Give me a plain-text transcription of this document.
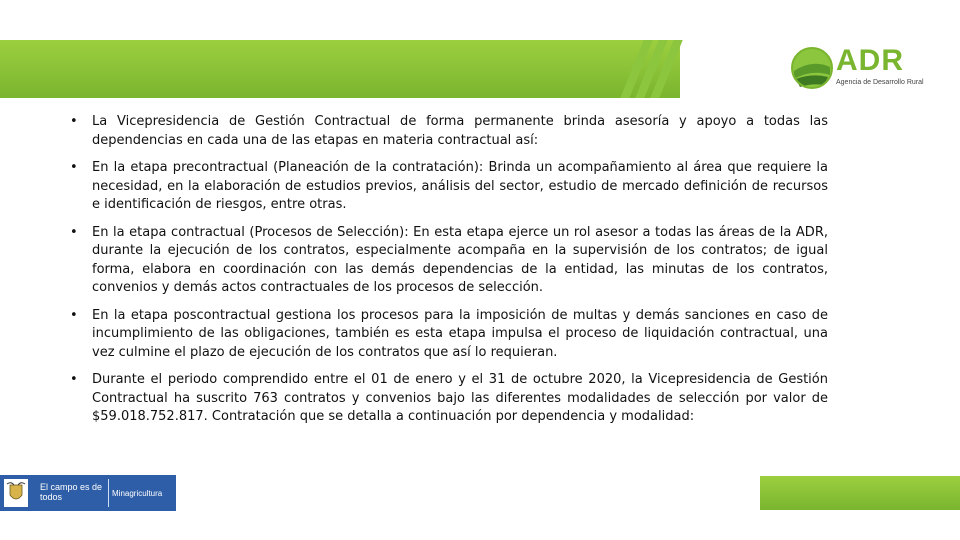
ADR
Agencia de Desarrollo Rural
• La Vicepresidencia de Gestión Contractual de forma permanente brinda asesoría y apoyo a todas las dependencias en cada una de las etapas en materia contractual así:
• En la etapa precontractual (Planeación de la contratación): Brinda un acompañamiento al área que requiere la necesidad, en la elaboración de estudios previos, análisis del sector, estudio de mercado definición de recursos e identificación de riesgos, entre otras.
• En la etapa contractual (Procesos de Selección): En esta etapa ejerce un rol asesor a todas las áreas de la ADR, durante la ejecución de los contratos, especialmente acompaña en la supervisión de los contratos; de igual forma, elabora en coordinación con las demás dependencias de la entidad, las minutas de los contratos, convenios y demás actos contractuales de los procesos de selección.
• En la etapa poscontractual gestiona los procesos para la imposición de multas y demás sanciones en caso de incumplimiento de las obligaciones, también es esta etapa impulsa el proceso de liquidación contractual, una vez culmine el plazo de ejecución de los contratos que así lo requieran.
• Durante el periodo comprendido entre el 01 de enero y el 31 de octubre 2020, la Vicepresidencia de Gestión Contractual ha suscrito 763 contratos y convenios bajo las diferentes modalidades de selección por valor de $59.018.752.817. Contratación que se detalla a continuación por dependencia y modalidad:
El campo es de todos	Minagricultura
